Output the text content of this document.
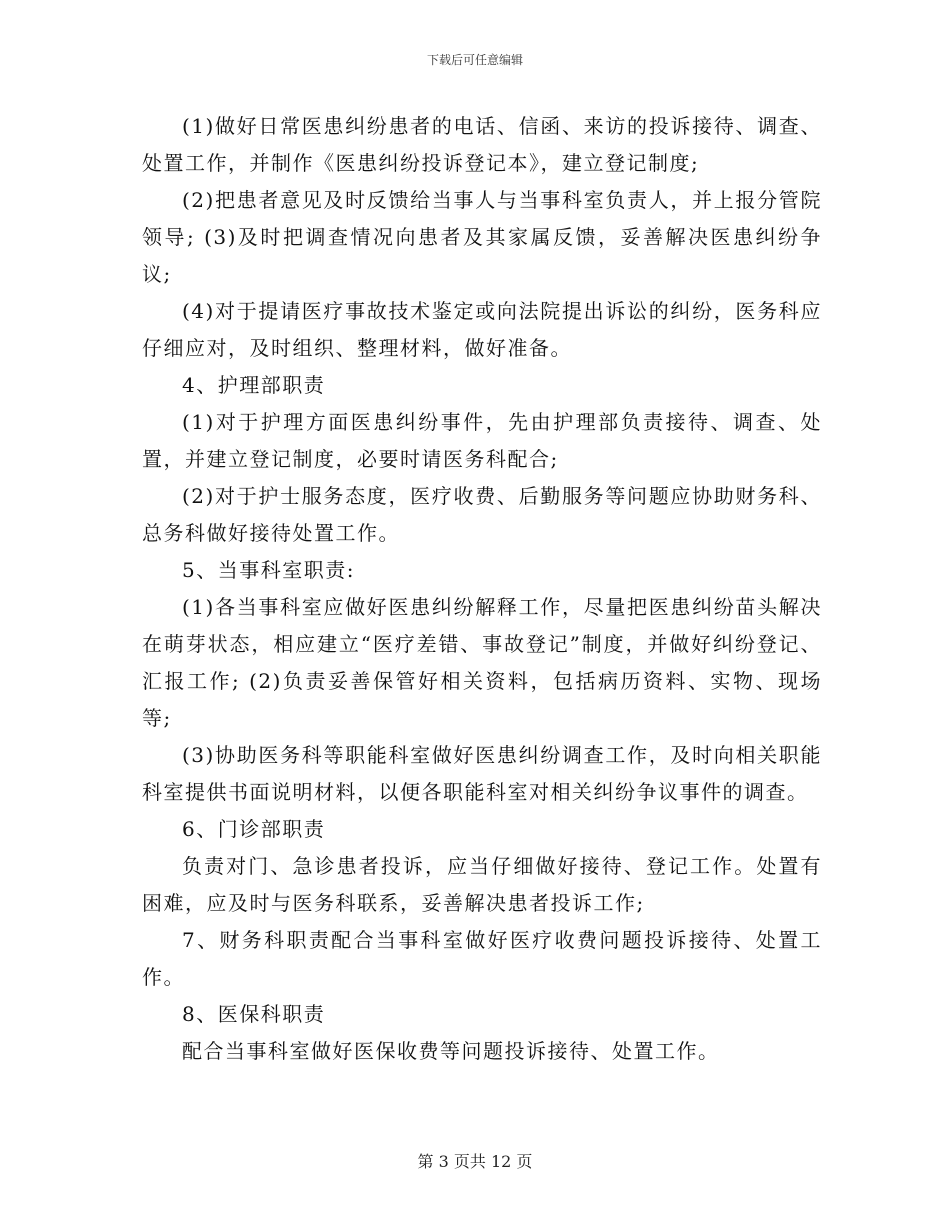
下载后可任意编辑

(1)做好日常医患纠纷患者的电话、信函、来访的投诉接待、调查、处置工作，并制作《医患纠纷投诉登记本》，建立登记制度;

(2)把患者意见及时反馈给当事人与当事科室负责人，并上报分管院领导; (3)及时把调查情况向患者及其家属反馈，妥善解决医患纠纷争议;

(4)对于提请医疗事故技术鉴定或向法院提出诉讼的纠纷，医务科应仔细应对，及时组织、整理材料，做好准备。

4、护理部职责

(1)对于护理方面医患纠纷事件，先由护理部负责接待、调查、处置，并建立登记制度，必要时请医务科配合;

(2)对于护士服务态度，医疗收费、后勤服务等问题应协助财务科、总务科做好接待处置工作。

5、当事科室职责:

(1)各当事科室应做好医患纠纷解释工作，尽量把医患纠纷苗头解决在萌芽状态，相应建立“医疗差错、事故登记”制度，并做好纠纷登记、汇报工作; (2)负责妥善保管好相关资料，包括病历资料、实物、现场等;

(3)协助医务科等职能科室做好医患纠纷调查工作，及时向相关职能科室提供书面说明材料，以便各职能科室对相关纠纷争议事件的调查。

6、门诊部职责

负责对门、急诊患者投诉，应当仔细做好接待、登记工作。处置有困难，应及时与医务科联系，妥善解决患者投诉工作;

7、财务科职责配合当事科室做好医疗收费问题投诉接待、处置工作。

8、医保科职责

配合当事科室做好医保收费等问题投诉接待、处置工作。

第 3 页共 12 页
